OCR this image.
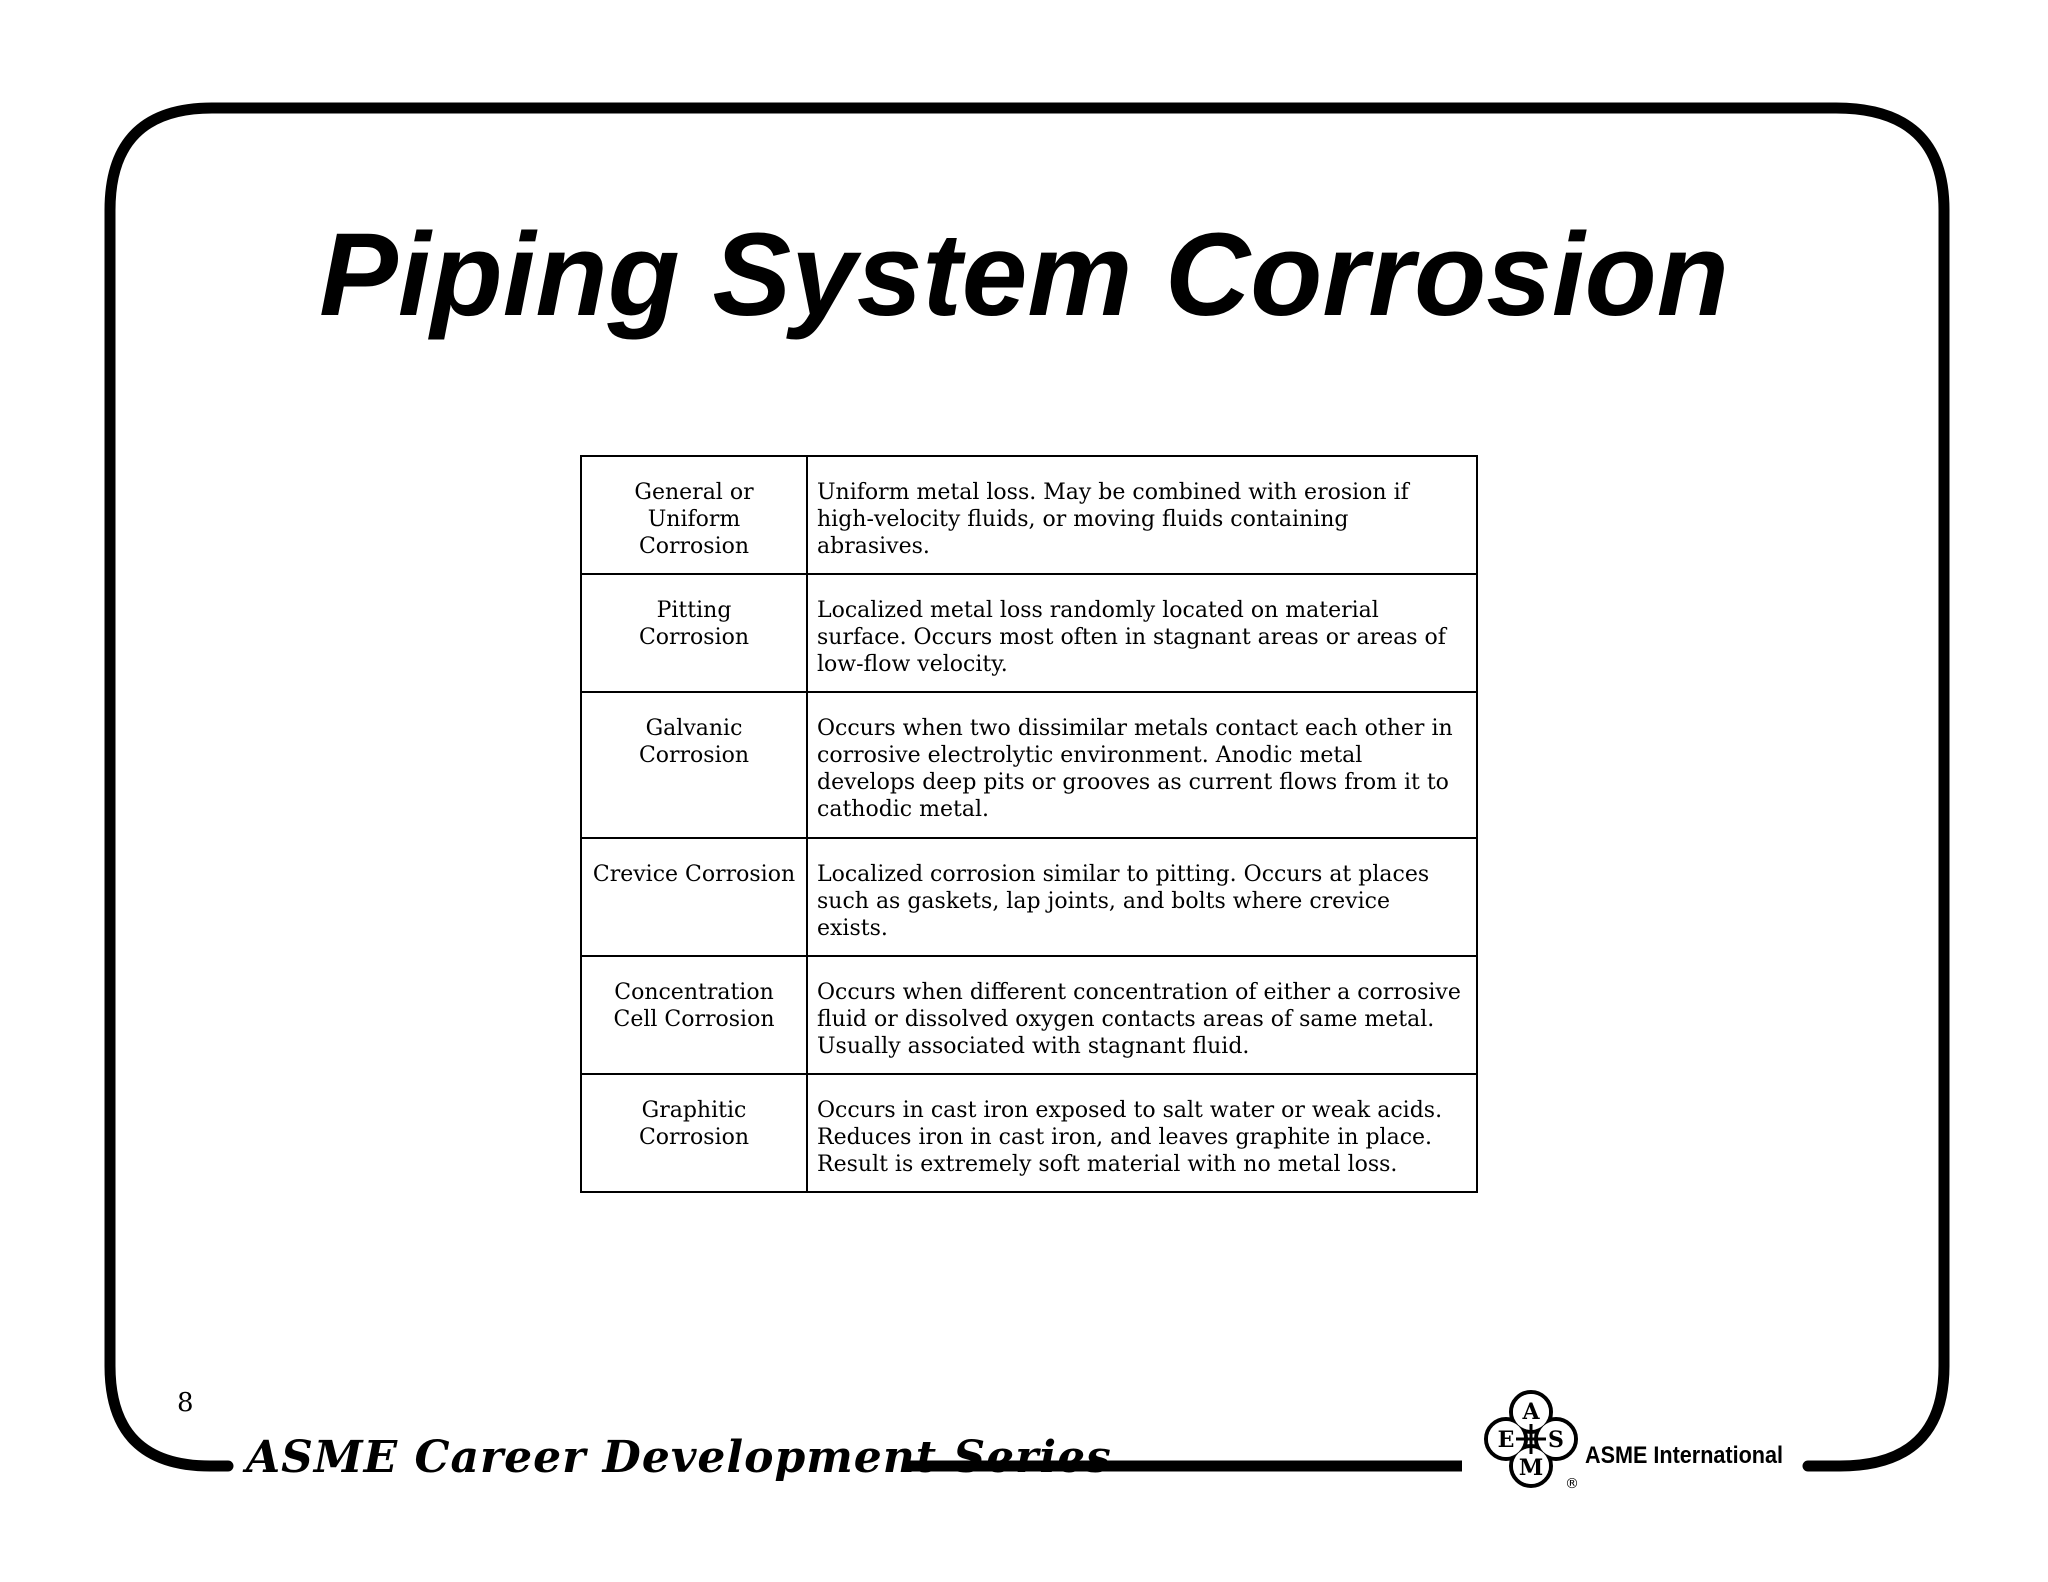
Piping System Corrosion
General or
Uniform
Corrosion	Uniform metal loss. May be combined with erosion if high-velocity fluids, or moving fluids containing abrasives.
Pitting
Corrosion	Localized metal loss randomly located on material surface. Occurs most often in stagnant areas or areas of low-flow velocity.
Galvanic
Corrosion	Occurs when two dissimilar metals contact each other in corrosive electrolytic environment. Anodic metal develops deep pits or grooves as current flows from it to cathodic metal.
Crevice Corrosion	Localized corrosion similar to pitting. Occurs at places such as gaskets, lap joints, and bolts where crevice exists.
Concentration
Cell Corrosion	Occurs when different concentration of either a corrosive fluid or dissolved oxygen contacts areas of same metal. Usually associated with stagnant fluid.
Graphitic
Corrosion	Occurs in cast iron exposed to salt water or weak acids. Reduces iron in cast iron, and leaves graphite in place. Result is extremely soft material with no metal loss.
8
ASME Career Development Series
A
S
M
E
®
ASME International
